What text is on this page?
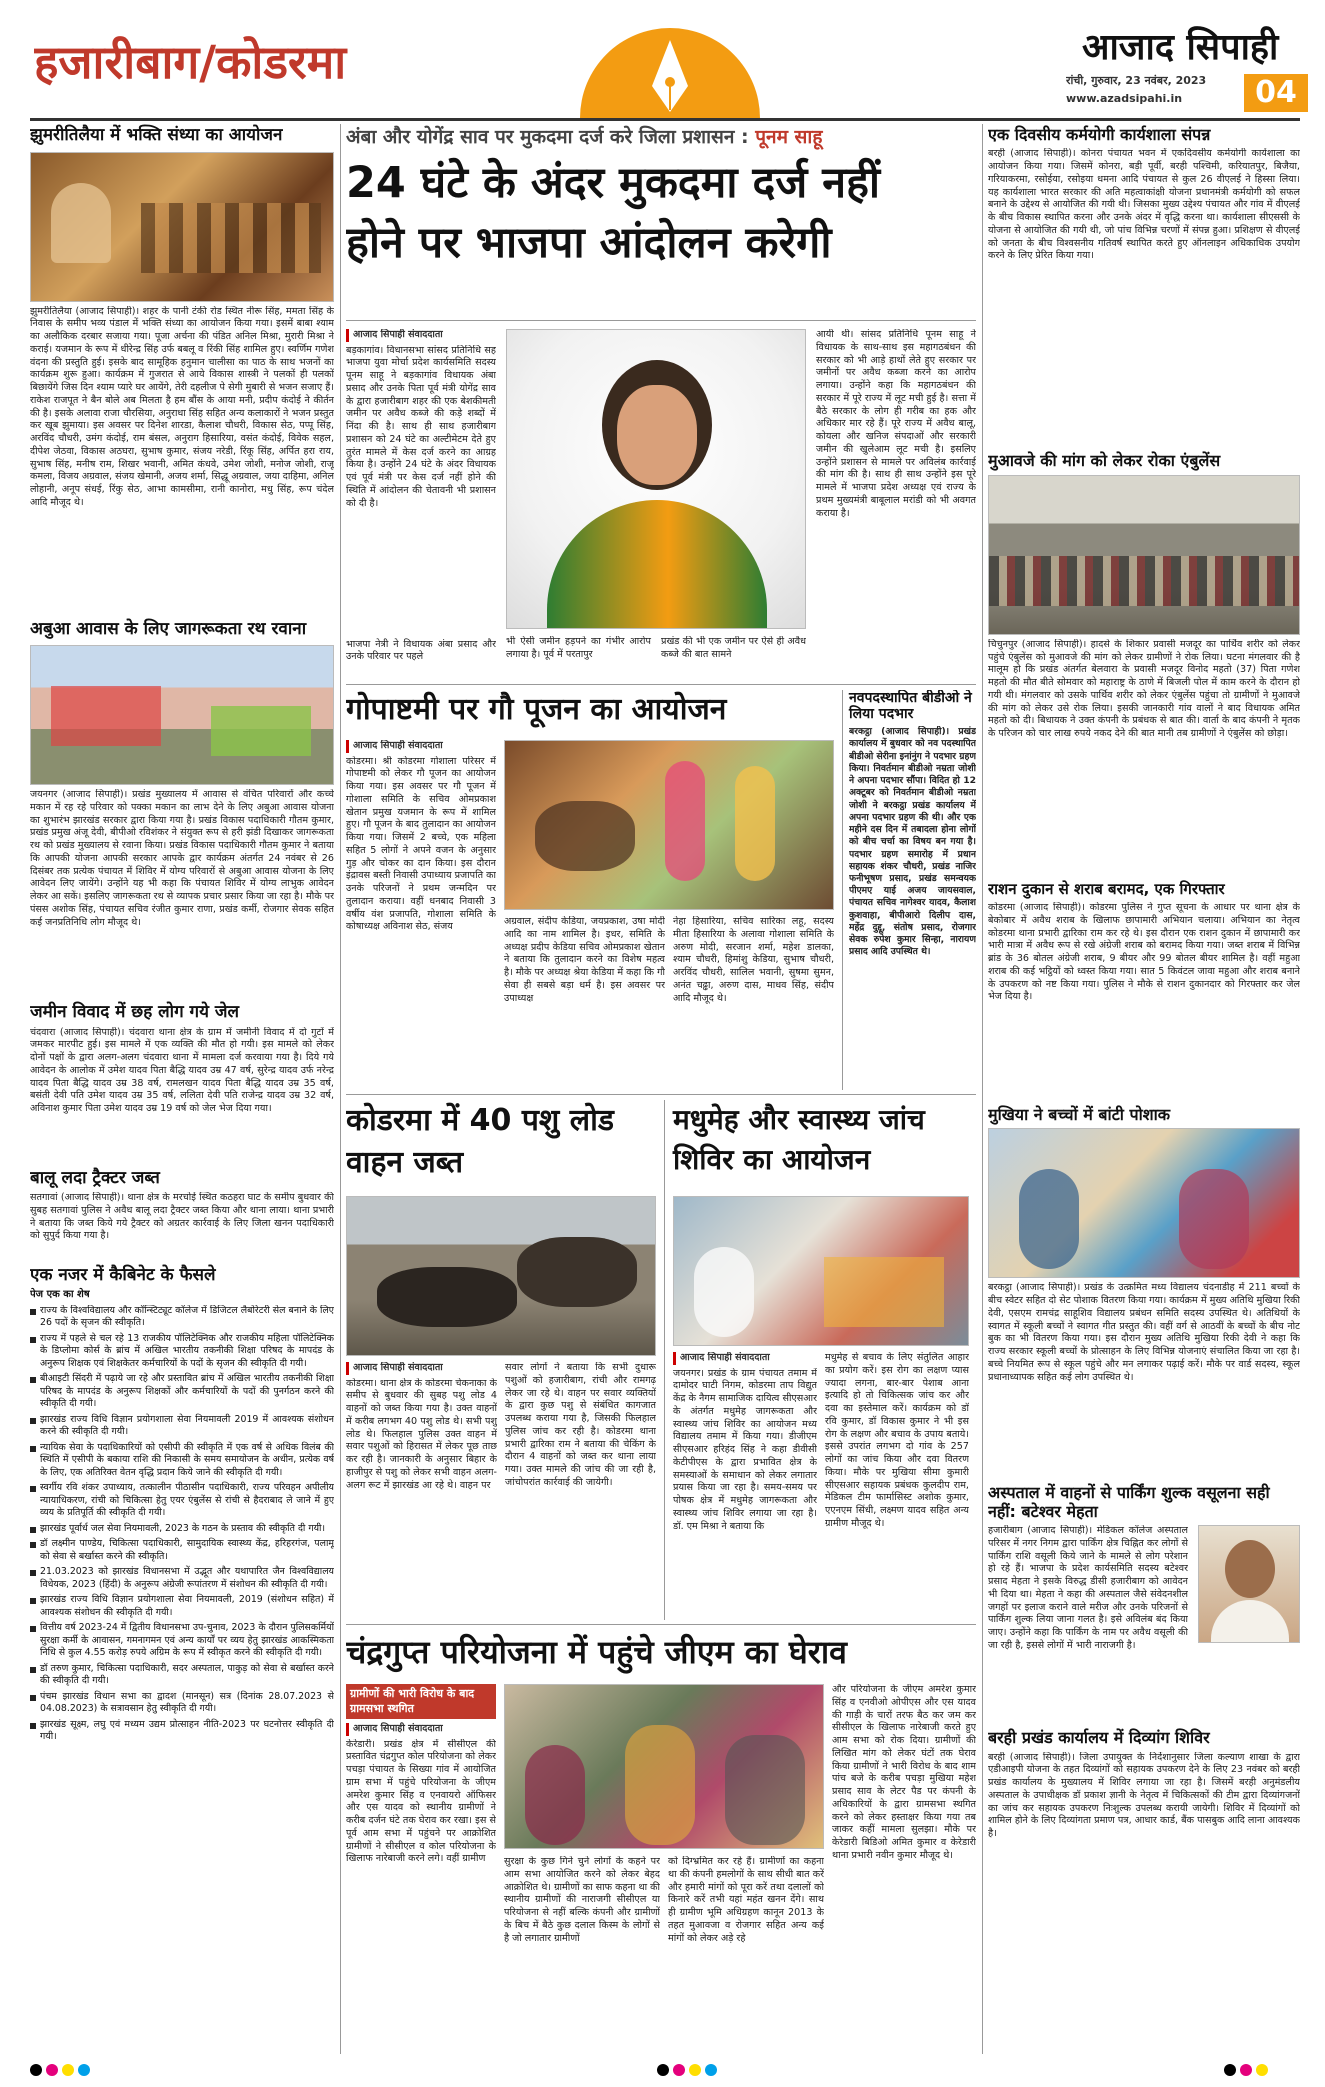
हजारीबाग/कोडरमा	आजाद सिपाही
रांची, गुरुवार, 23 नवंबर, 2023
www.azadsipahi.in	04
झुमरीतिलैया में भक्ति संध्या का आयोजन
झुमरीतिलैया (आजाद सिपाही)। शहर के पानी टंकी रोड स्थित नीरू सिंह, ममता सिंह के निवास के समीप भव्य पंडाल में भक्ति संध्या का आयोजन किया गया। इसमें बाबा श्याम का अलौकिक दरबार सजाया गया। पूजा अर्चना की पंडित अनिल मिश्रा, मुरारी मिश्रा ने कराई। यजमान के रूप में धीरेन्द्र सिंह उर्फ बबलू व रिंकी सिंह शामिल हुए। स्वर्णिम गणेश वंदना की प्रस्तुति हुई। इसके बाद सामूहिक हनुमान चालीसा का पाठ के साथ भजनों का कार्यक्रम शुरू हुआ। कार्यक्रम में गुजरात से आये विकास शास्त्री ने पलकों ही पलकों बिछायेंगे जिस दिन श्याम प्यारे घर आयेंगे, तेरी दहलीज पे सेगी मुबारी से भजन सजाए हैं। राकेश राजपूत ने बैन बोले अब मिलता है हम बौंस के आया मनी, प्रदीप कंदोई ने कीर्तन की है। इसके अलावा राजा चौरसिया, अनुराधा सिंह सहित अन्य कलाकारों ने भजन प्रस्तुत कर खूब झुमाया। इस अवसर पर दिनेश शारडा, कैलाश चौधरी, विकास सेठ, पप्पू सिंह, अरविंद चौधरी, उमंग कंदोई, राम बंसल, अनुराग हिसारिया, वसंत कंदोई, विवेक सहल, दीपेश जेठवा, विकास अठघरा, सुभाष कुमार, संजय नरेडी, रिंकू सिंह, अर्पित हरा राय, सुभाष सिंह, मनीष राम, शिखर भवानी, अमित कंधवे, उमेश जोशी, मनोज जोशी, राजू कमला, विजय अग्रवाल, संजय खेमानी, अजय शर्मा, सिद्धू अग्रवाल, जया दाहिमा, अनिल लोहानी, अनूप संधई, रिंकु सेठ, आभा कामसीमा, रानी कानोरा, मधु सिंह, रूप चंदेल आदि मौजूद थे।
अबुआ आवास के लिए जागरूकता रथ रवाना
जयनगर (आजाद सिपाही)। प्रखंड मुख्यालय में आवास से वंचित परिवारों और कच्चे मकान में रह रहे परिवार को पक्का मकान का लाभ देने के लिए अबुआ आवास योजना का शुभारंभ झारखंड सरकार द्वारा किया गया है। प्रखंड विकास पदाधिकारी गौतम कुमार, प्रखंड प्रमुख अंजू देवी, बीपीओ रविशंकर ने संयुक्त रूप से हरी झंडी दिखाकर जागरूकता रथ को प्रखंड मुख्यालय से रवाना किया। प्रखंड विकास पदाधिकारी गौतम कुमार ने बताया कि आपकी योजना आपकी सरकार आपके द्वार कार्यक्रम अंतर्गत 24 नवंबर से 26 दिसंबर तक प्रत्येक पंचायत में शिविर में योग्य परिवारों से अबुआ आवास योजना के लिए आवेदन लिए जायेंगे। उन्होंने यह भी कहा कि पंचायत शिविर में योग्य लाभुक आवेदन लेकर आ सकें। इसलिए जागरूकता रथ से व्यापक प्रचार प्रसार किया जा रहा है। मौके पर पंसस अशोक सिंह, पंचायत सचिव रंजीत कुमार राणा, प्रखंड कर्मी, रोजगार सेवक सहित कई जनप्रतिनिधि लोग मौजूद थे।
जमीन विवाद में छह लोग गये जेल
चंदवारा (आजाद सिपाही)। चंदवारा थाना क्षेत्र के ग्राम में जमीनी विवाद में दो गुटों में जमकर मारपीट हुई। इस मामले में एक व्यक्ति की मौत हो गयी। इस मामले को लेकर दोनों पक्षों के द्वारा अलग-अलग चंदवारा थाना में मामला दर्ज करवाया गया है। दिये गये आवेदन के आलोक में उमेश यादव पिता बैद्धि यादव उम्र 47 वर्ष, सुरेन्द्र यादव उर्फ नरेन्द्र यादव पिता बैद्धि यादव उम्र 38 वर्ष, रामलखन यादव पिता बैद्धि यादव उम्र 35 वर्ष, बसंती देवी पति उमेश यादव उम्र 35 वर्ष, ललिता देवी पति राजेन्द्र यादव उम्र 32 वर्ष, अविनाश कुमार पिता उमेश यादव उम्र 19 वर्ष को जेल भेज दिया गया।
बालू लदा ट्रैक्टर जब्त
सतगावां (आजाद सिपाही)। थाना क्षेत्र के मरचोई स्थित कठहरा घाट के समीप बुधवार की सुबह सतगावां पुलिस ने अवैध बालू लदा ट्रैक्टर जब्त किया और थाना लाया। थाना प्रभारी ने बताया कि जब्त किये गये ट्रैक्टर को अग्रतर कार्रवाई के लिए जिला खनन पदाधिकारी को सुपुर्द किया गया है।
एक नजर में कैबिनेट के फैसले
पेज एक का शेष
राज्य के विश्वविद्यालय और कॉन्स्टिट्यूट कॉलेज में डिजिटल लैबोरेटरी सेल बनाने के लिए 26 पदों के सृजन की स्वीकृति।
राज्य में पहले से चल रहे 13 राजकीय पॉलिटेक्निक और राजकीय महिला पॉलिटेक्निक के डिप्लोमा कोर्स के ब्रांच में अखिल भारतीय तकनीकी शिक्षा परिषद के मापदंड के अनुरूप शिक्षक एवं शिक्षकेतर कर्मचारियों के पदों के सृजन की स्वीकृति दी गयी।
बीआइटी सिंदरी में पढ़ाये जा रहे और प्रस्तावित ब्रांच में अखिल भारतीय तकनीकी शिक्षा परिषद के मापदंड के अनुरूप शिक्षकों और कर्मचारियों के पदों की पुनर्गठन करने की स्वीकृति दी गयी।
झारखंड राज्य विधि विज्ञान प्रयोगशाला सेवा नियमावली 2019 में आवश्यक संशोधन करने की स्वीकृति दी गयी।
न्यायिक सेवा के पदाधिकारियों को एसीपी की स्वीकृति में एक वर्ष से अधिक विलंब की स्थिति में एसीपी के बकाया राशि की निकासी के समय समायोजन के अधीन, प्रत्येक वर्ष के लिए, एक अतिरिक्त वेतन वृद्धि प्रदान किये जाने की स्वीकृति दी गयी।
स्वर्गीय रवि शंकर उपाध्याय, तत्कालीन पीठासीन पदाधिकारी, राज्य परिवहन अपीलीय न्यायाधिकरण, रांची को चिकित्सा हेतु एयर एंबुलेंस से रांची से हैदराबाद ले जाने में हुए व्यय के प्रतिपूर्ति की स्वीकृति दी गयी।
झारखंड पूर्वार्ध जल सेवा नियमावली, 2023 के गठन के प्रस्ताव की स्वीकृति दी गयी।
डॉ लक्ष्मीन पाण्डेय, चिकित्सा पदाधिकारी, सामुदायिक स्वास्थ्य केंद्र, हरिहरगंज, पलामू को सेवा से बर्खास्त करने की स्वीकृति।
21.03.2023 को झारखंड विधानसभा में उद्भूत और यथापारित जैन विश्वविद्यालय विधेयक, 2023 (हिंदी) के अनुरूप अंग्रेजी रूपांतरण में संशोधन की स्वीकृति दी गयी।
झारखंड राज्य विधि विज्ञान प्रयोगशाला सेवा नियमावली, 2019 (संशोधन सहित) में आवश्यक संशोधन की स्वीकृति दी गयी।
वित्तीय वर्ष 2023-24 में द्वितीय विधानसभा उप-चुनाव, 2023 के दौरान पुलिसकर्मियों सुरक्षा कर्मी के आवासन, गमनागमन एवं अन्य कार्यों पर व्यय हेतु झारखंड आकस्मिकता निधि से कुल 4.55 करोड़ रुपये अग्रिम के रूप में स्वीकृत करने की स्वीकृति दी गयी।
डॉ तरुण कुमार, चिकित्सा पदाधिकारी, सदर अस्पताल, पाकुड़ को सेवा से बर्खास्त करने की स्वीकृति दी गयी।
पंचम झारखंड विधान सभा का द्वादश (मानसून) सत्र (दिनांक 28.07.2023 से 04.08.2023) के सत्रावसान हेतु स्वीकृति दी गयी।
झारखंड सूक्ष्म, लघु एवं मध्यम उद्यम प्रोत्साहन नीति-2023 पर घटनोत्तर स्वीकृति दी गयी।
अंबा और योगेंद्र साव पर मुकदमा दर्ज करे जिला प्रशासन : पूनम साहू
24 घंटे के अंदर मुकदमा दर्ज नहीं
होने पर भाजपा आंदोलन करेगी
आजाद सिपाही संवाददाता
बड़कागांव। विधानसभा सांसद प्रतिनिधि सह भाजपा युवा मोर्चा प्रदेश कार्यसमिति सदस्य पूनम साहू ने बड़कागांव विधायक अंबा प्रसाद और उनके पिता पूर्व मंत्री योगेंद्र साव के द्वारा हजारीबाग शहर की एक बेशकीमती जमीन पर अवैध कब्जे की कड़े शब्दों में निंदा की है। साथ ही साथ हजारीबाग प्रशासन को 24 घंटे का अल्टीमेटम देते हुए तुरंत मामले में केस दर्ज करने का आग्रह किया है। उन्होंने 24 घंटे के अंदर विधायक एवं पूर्व मंत्री पर केस दर्ज नहीं होने की स्थिति में आंदोलन की चेतावनी भी प्रशासन को दी है।
भाजपा नेत्री ने विधायक अंबा प्रसाद और उनके परिवार पर पहले
भी ऐसी जमीन हड़पने का गंभीर आरोप लगाया है। पूर्व में परतापुर
प्रखंड की भी एक जमीन पर ऐसे ही अवैध कब्जे की बात सामने
आयी थी। सांसद प्रतिनिधि पूनम साहू ने विधायक के साथ-साथ इस महागठबंधन की सरकार को भी आड़े हाथों लेते हुए सरकार पर जमीनों पर अवैध कब्जा करने का आरोप लगाया। उन्होंने कहा कि महागठबंधन की सरकार में पूरे राज्य में लूट मची हुई है। सत्ता में बैठे सरकार के लोग ही गरीब का हक और अधिकार मार रहे हैं। पूरे राज्य में अवैध बालू, कोयला और खनिज संपदाओं और सरकारी जमीन की खुलेआम लूट मची है। इसलिए उन्होंने प्रशासन से मामले पर अविलंब कार्रवाई की मांग की है। साथ ही साथ उन्होंने इस पूरे मामले में भाजपा प्रदेश अध्यक्ष एवं राज्य के प्रथम मुख्यमंत्री बाबूलाल मरांडी को भी अवगत कराया है।
गोपाष्टमी पर गौ पूजन का आयोजन
आजाद सिपाही संवाददाता
कोडरमा। श्री कोडरमा गोशाला परिसर में गोपाष्टमी को लेकर गौ पूजन का आयोजन किया गया। इस अवसर पर गौ पूजन में गोशाला समिति के सचिव ओमप्रकाश खेतान प्रमुख यजमान के रूप में शामिल हुए। गौ पूजन के बाद तुलादान का आयोजन किया गया। जिसमें 2 बच्चे, एक महिला सहित 5 लोगों ने अपने वजन के अनुसार गुड़ और चोकर का दान किया। इस दौरान इंद्रावस बस्ती निवासी उपाध्याय प्रजापति का उनके परिजनों ने प्रथम जन्मदिन पर तुलादान कराया। वहीं धनबाद निवासी 3 वर्षीय वंश प्रजापति, गोशाला समिति के कोषाध्यक्ष अविनाश सेठ, संजय	अग्रवाल, संदीप केडिया, जयप्रकाश, उषा मोदी आदि का नाम शामिल है। इधर, समिति के अध्यक्ष प्रदीप केडिया सचिव ओमप्रकाश खेतान ने बताया कि तुलादान करने का विशेष महत्व है। मौके पर अध्यक्ष श्रेया केडिया में कहा कि गौ सेवा ही सबसे बड़ा धर्म है। इस अवसर पर उपाध्यक्ष
नेहा हिसारिया, सचिव सारिका लहू, सदस्य मीता हिसारिया के अलावा गोशाला समिति के अरुण मोदी, सरजान शर्मा, महेश डालका, श्याम चौधरी, हिमांशु केडिया, सुभाष चौधरी, अरविंद चौधरी, सालिल भवानी, सुषमा सुमन, अनंत चढ्ढा, अरुण दास, माधव सिंह, संदीप आदि मौजूद थे।
नवपदस्थापित बीडीओ ने लिया पदभार
बरकट्ठा (आजाद सिपाही)। प्रखंड कार्यालय में बुधवार को नव पदस्थापित बीडीओ सेरीना इनांनुंग ने पदभार ग्रहण किया। निवर्तमान बीडीओ नम्रता जोशी ने अपना पदभार सौंपा। विदित हो 12 अक्टूबर को निवर्तमान बीडीओ नम्रता जोशी ने बरकट्ठा प्रखंड कार्यालय में अपना पदभार ग्रहण की थी। और एक महीने दस दिन में तबादला होना लोगों को बीच चर्चा का विषय बन गया है। पदभार ग्रहण समारोह में प्रधान सहायक शंकर चौधरी, प्रखंड नाजिर फनीभूषण प्रसाद, प्रखंड समन्वयक पीएमए याई अजय जायसवाल, पंचायत सचिव नागेश्वर यादव, कैलाश कुशवाहा, बीपीआरो दिलीप दास, महेंद्र दुद्दू, संतोष प्रसाद, रोजगार सेवक रुपेश कुमार सिन्हा, नारायण प्रसाद आदि उपस्थित थे।
कोडरमा में 40 पशु लोड वाहन जब्त
आजाद सिपाही संवाददाता
कोडरमा। थाना क्षेत्र के कोडरमा चेकनाका के समीप से बुधवार की सुबह पशु लोड 4 वाहनों को जब्त किया गया है। उक्त वाहनों में करीब लगभग 40 पशु लोड थे। सभी पशु लोड थे। फिलहाल पुलिस उक्त वाहन में सवार पशुओं को हिरासत में लेकर पूछ ताछ कर रही है। जानकारी के अनुसार बिहार के हाजीपुर से पशु को लेकर सभी वाहन अलग-अलग रूट में झारखंड आ रहे थे। वाहन पर
सवार लोगों ने बताया कि सभी दुधारू पशुओं को हजारीबाग, रांची और रामगढ़ लेकर जा रहे थे। वाहन पर सवार व्यक्तियों के द्वारा कुछ पशु से संबंधित कागजात उपलब्ध कराया गया है, जिसकी फिलहाल पुलिस जांच कर रही है। कोडरमा थाना प्रभारी द्वारिका राम ने बताया की चेकिंग के दौरान 4 वाहनों को जब्त कर थाना लाया गया। उक्त मामले की जांच की जा रही है, जांचोपरांत कार्रवाई की जायेगी।
मधुमेह और स्वास्थ्य जांच शिविर का आयोजन
आजाद सिपाही संवाददाता
जयनगर। प्रखंड के ग्राम पंचायत तमाम में दामोदर घाटी निगम, कोडरमा ताप विद्युत केंद्र के नैगम सामाजिक दायित्व सीएसआर के अंतर्गत मधुमेह जागरूकता और स्वास्थ्य जांच शिविर का आयोजन मध्य विद्यालय तमाम में किया गया। डीजीएम सीएसआर हरिहंद सिंह ने कहा डीवीसी केटीपीएस के द्वारा प्रभावित क्षेत्र के समस्याओं के समाधान को लेकर लगातार प्रयास किया जा रहा है। समय-समय पर पोषक क्षेत्र में मधुमेह जागरूकता और स्वास्थ्य जांच शिविर लगाया जा रहा है। डॉ. एम मिश्रा ने बताया कि
मधुमेह से बचाव के लिए संतुलित आहार का प्रयोग करें। इस रोग का लक्षण प्यास ज्यादा लगना, बार-बार पेशाब आना इत्यादि हो तो चिकित्सक जांच कर और दवा का इस्तेमाल करें। कार्यक्रम को डॉ रवि कुमार, डॉ विकास कुमार ने भी इस रोग के लक्षण और बचाव के उपाय बताये। इससे उपरांत लगभग दो गांव के 257 लोगों का जांच किया और दवा वितरण किया। मौके पर मुखिया सीमा कुमारी सीएसआर सहायक प्रबंधक कुलदीप राम, मेडिकल टीम फार्मासिस्ट अशोक कुमार, एएनएम सिंधी, लक्ष्मण यादव सहित अन्य ग्रामीण मौजूद थे।
चंद्रगुप्त परियोजना में पहुंचे जीएम का घेराव
ग्रामीणों की भारी विरोध के बाद ग्रामसभा स्थगित
आजाद सिपाही संवाददाता
केरेडारी। प्रखंड क्षेत्र में सीसीएल की प्रस्तावित चंद्रगुप्त कोल परियोजना को लेकर पचड़ा पंचायत के सिख्या गांव में आयोजित ग्राम सभा में पहुंचे परियोजना के जीएम अमरेश कुमार सिंह व एनवायरो ऑफिसर और एस यादव को स्थानीय ग्रामीणों ने करीब दर्जन घंटे तक घेराव कर रखा। इस से पूर्व आम सभा में पहुंचने पर आक्रोशित ग्रामीणों ने सीसीएल व कोल परियोजना के खिलाफ नारेबाजी करने लगे। वहीं ग्रामीण	सुरक्षा के कुछ गिने चुने लोगों के कहने पर आम सभा आयोजित करने को लेकर बेहद आक्रोशित थे। ग्रामीणों का साफ कहना था की स्थानीय ग्रामीणों की नाराजगी सीसीएल या परियोजना से नहीं बल्कि कंपनी और ग्रामीणों के बिच में बैठे कुछ दलाल किस्म के लोगों से है जो लगातार ग्रामीणों
को दिग्भ्रमित कर रहे हैं। ग्रामीणों का कहना था की कंपनी हमलोगों के साथ सीधी बात करें और हमारी मांगों को पूरा करें तथा दलालों को किनारे करें तभी यहां महंत खनन देंगे। साथ ही ग्रामीण भूमि अधिग्रहण कानून 2013 के तहत मुआवजा व रोजगार सहित अन्य कई मांगों को लेकर अड़े रहे
और परियोजना के जीएम अमरेश कुमार सिंह व एनवीओ ओपीएस और एस यादव की गाड़ी के चारों तरफ बैठ कर जम कर सीसीएल के खिलाफ नारेबाजी करते हुए आम सभा को रोक दिया। ग्रामीणों की लिखित मांग को लेकर घंटों तक घेराव किया ग्रामीणों ने भारी विरोध के बाद शाम पांच बजे के करीब पचड़ा मुखिया महेश प्रसाद साव के लेटर पैड पर कंपनी के अधिकारियों के द्वारा ग्रामसभा स्थगित करने को लेकर हस्ताक्षर किया गया तब जाकर कहीं मामला सुलझा। मौके पर केरेडारी बिडिओ अमित कुमार व केरेडारी थाना प्रभारी नवीन कुमार मौजूद थे।
एक दिवसीय कर्मयोगी कार्यशाला संपन्न
बरही (आजाद सिपाही)। कोनरा पंचायत भवन में एकदिवसीय कर्मयोगी कार्यशाला का आयोजन किया गया। जिसमें कोनरा, बड़ी पूर्वी, बरही पश्चिमी, करियातपुर, बिजैया, गरियाकरमा, रसोईया, रसोइया धमना आदि पंचायत से कुल 26 वीएलई ने हिस्सा लिया। यह कार्यशाला भारत सरकार की अति महत्वाकांक्षी योजना प्रधानमंत्री कर्मयोगी को सफल बनाने के उद्देश्य से आयोजित की गयी थी। जिसका मुख्य उद्देश्य पंचायत और गांव में वीएलई के बीच विकास स्थापित करना और उनके अंदर में वृद्धि करना था। कार्यशाला सीएससी के योजना से आयोजित की गयी थी, जो पांच विभिन्न चरणों में संपन्न हुआ। प्रशिक्षण से वीएलई को जनता के बीच विश्वसनीय गतिवर्ष स्थापित करते हुए ऑनलाइन अधिकाधिक उपयोग करने के लिए प्रेरित किया गया।
मुआवजे की मांग को लेकर रोका एंबुलेंस
चिचुनपुर (आजाद सिपाही)। हादसे के शिकार प्रवासी मजदूर का पार्थिव शरीर को लेकर पहुंचे एंबुलेंस को मुआवजे की मांग को लेकर ग्रामीणों ने रोक लिया। घटना मंगलवार की है मालूम हो कि प्रखंड अंतर्गत बेलवारा के प्रवासी मजदूर विनोद महतो (37) पिता गणेश महतो की मौत बीते सोमवार को महाराष्ट्र के ठाणे में बिजली पोल में काम करने के दौरान हो गयी थी। मंगलवार को उसके पार्थिव शरीर को लेकर एंबुलेंस पहुंचा तो ग्रामीणों ने मुआवजे की मांग को लेकर उसे रोक लिया। इसकी जानकारी गांव वालों ने बाद विधायक अमित महतो को दी। बिधायक ने उक्त कंपनी के प्रबंधक से बात की। वार्ता के बाद कंपनी ने मृतक के परिजन को चार लाख रुपये नकद देने की बात मानी तब ग्रामीणों ने एंबुलेंस को छोड़ा।
राशन दुकान से शराब बरामद, एक गिरफ्तार
कोडरमा (आजाद सिपाही)। कोडरमा पुलिस ने गुप्त सूचना के आधार पर थाना क्षेत्र के बेकोबार में अवैध शराब के खिलाफ छापामारी अभियान चलाया। अभियान का नेतृत्व कोडरमा थाना प्रभारी द्वारिका राम कर रहे थे। इस दौरान एक राशन दुकान में छापामारी कर भारी मात्रा में अवैध रूप से रखे अंग्रेजी शराब को बरामद किया गया। जब्त शराब में विभिन्न ब्रांड के 36 बोतल अंग्रेजी शराब, 9 बीयर और 99 बोतल बीयर शामिल है। वहीं महुआ शराब की कई भट्ठियों को ध्वस्त किया गया। सात 5 किवंटल जावा महुआ और शराब बनाने के उपकरण को नष्ट किया गया। पुलिस ने मौके से राशन दुकानदार को गिरफ्तार कर जेल भेज दिया है।
मुखिया ने बच्चों में बांटी पोशाक
बरकट्ठा (आजाद सिपाही)। प्रखंड के उत्क्रमित मध्य विद्यालय चंदनाडीह में 211 बच्चों के बीच स्वेटर सहित दो सेट पोशाक वितरण किया गया। कार्यक्रम में मुख्य अतिथि मुखिया रिकी देवी, एसएम रामचंद्र साहूशिव विद्यालय प्रबंधन समिति सदस्य उपस्थित थे। अतिथियों के स्वागत में स्कूली बच्चों ने स्वागत गीत प्रस्तुत की। वहीं वर्ग से आठवीं के बच्चों के बीच नोट बुक का भी वितरण किया गया। इस दौरान मुख्य अतिथि मुखिया रिकी देवी ने कहा कि राज्य सरकार स्कूली बच्चों के प्रोत्साहन के लिए विभिन्न योजनाएं संचालित किया जा रहा है। बच्चे नियमित रूप से स्कूल पहुंचे और मन लगाकर पढ़ाई करें। मौके पर वार्ड सदस्य, स्कूल प्रधानाध्यापक सहित कई लोग उपस्थित थे।
अस्पताल में वाहनों से पार्किंग शुल्क वसूलना सही नहीं: बटेश्वर मेहता
हजारीबाग (आजाद सिपाही)। मेडिकल कॉलेज अस्पताल परिसर में नगर निगम द्वारा पार्किंग क्षेत्र चिह्नित कर लोगों से पार्किंग राशि वसूली किये जाने के मामले से लोग परेशान हो रहे हैं। भाजपा के प्रदेश कार्यसमिति सदस्य बटेश्वर प्रसाद मेहता ने इसके विरुद्ध डीसी हजारीबाग को आवेदन भी दिया था। मेहता ने कहा की अस्पताल जैसे संवेदनशील जगहों पर इलाज कराने वाले मरीज और उनके परिजनों से पार्किंग शुल्क लिया जाना गलत है। इसे अविलंब बंद किया जाए। उन्होंने कहा कि पार्किंग के नाम पर अवैध वसूली की जा रही है, इससे लोगों में भारी नाराजगी है।
बरही प्रखंड कार्यालय में दिव्यांग शिविर
बरही (आजाद सिपाही)। जिला उपायुक्त के निर्देशानुसार जिला कल्याण शाखा के द्वारा एडीआइपी योजना के तहत दिव्यांगों को सहायक उपकरण देने के लिए 23 नवंबर को बरही प्रखंड कार्यालय के मुख्यालय में शिविर लगाया जा रहा है। जिसमें बरही अनुमंडलीय अस्पताल के उपाधीक्षक डॉ प्रकाश ज्ञानी के नेतृत्व में चिकित्सकों की टीम द्वारा दिव्यांगजनों का जांच कर सहायक उपकरण निःशुल्क उपलब्ध करायी जायेगी। शिविर में दिव्यांगों को शामिल होने के लिए दिव्यांगता प्रमाण पत्र, आधार कार्ड, बैंक पासबुक आदि लाना आवश्यक है।
